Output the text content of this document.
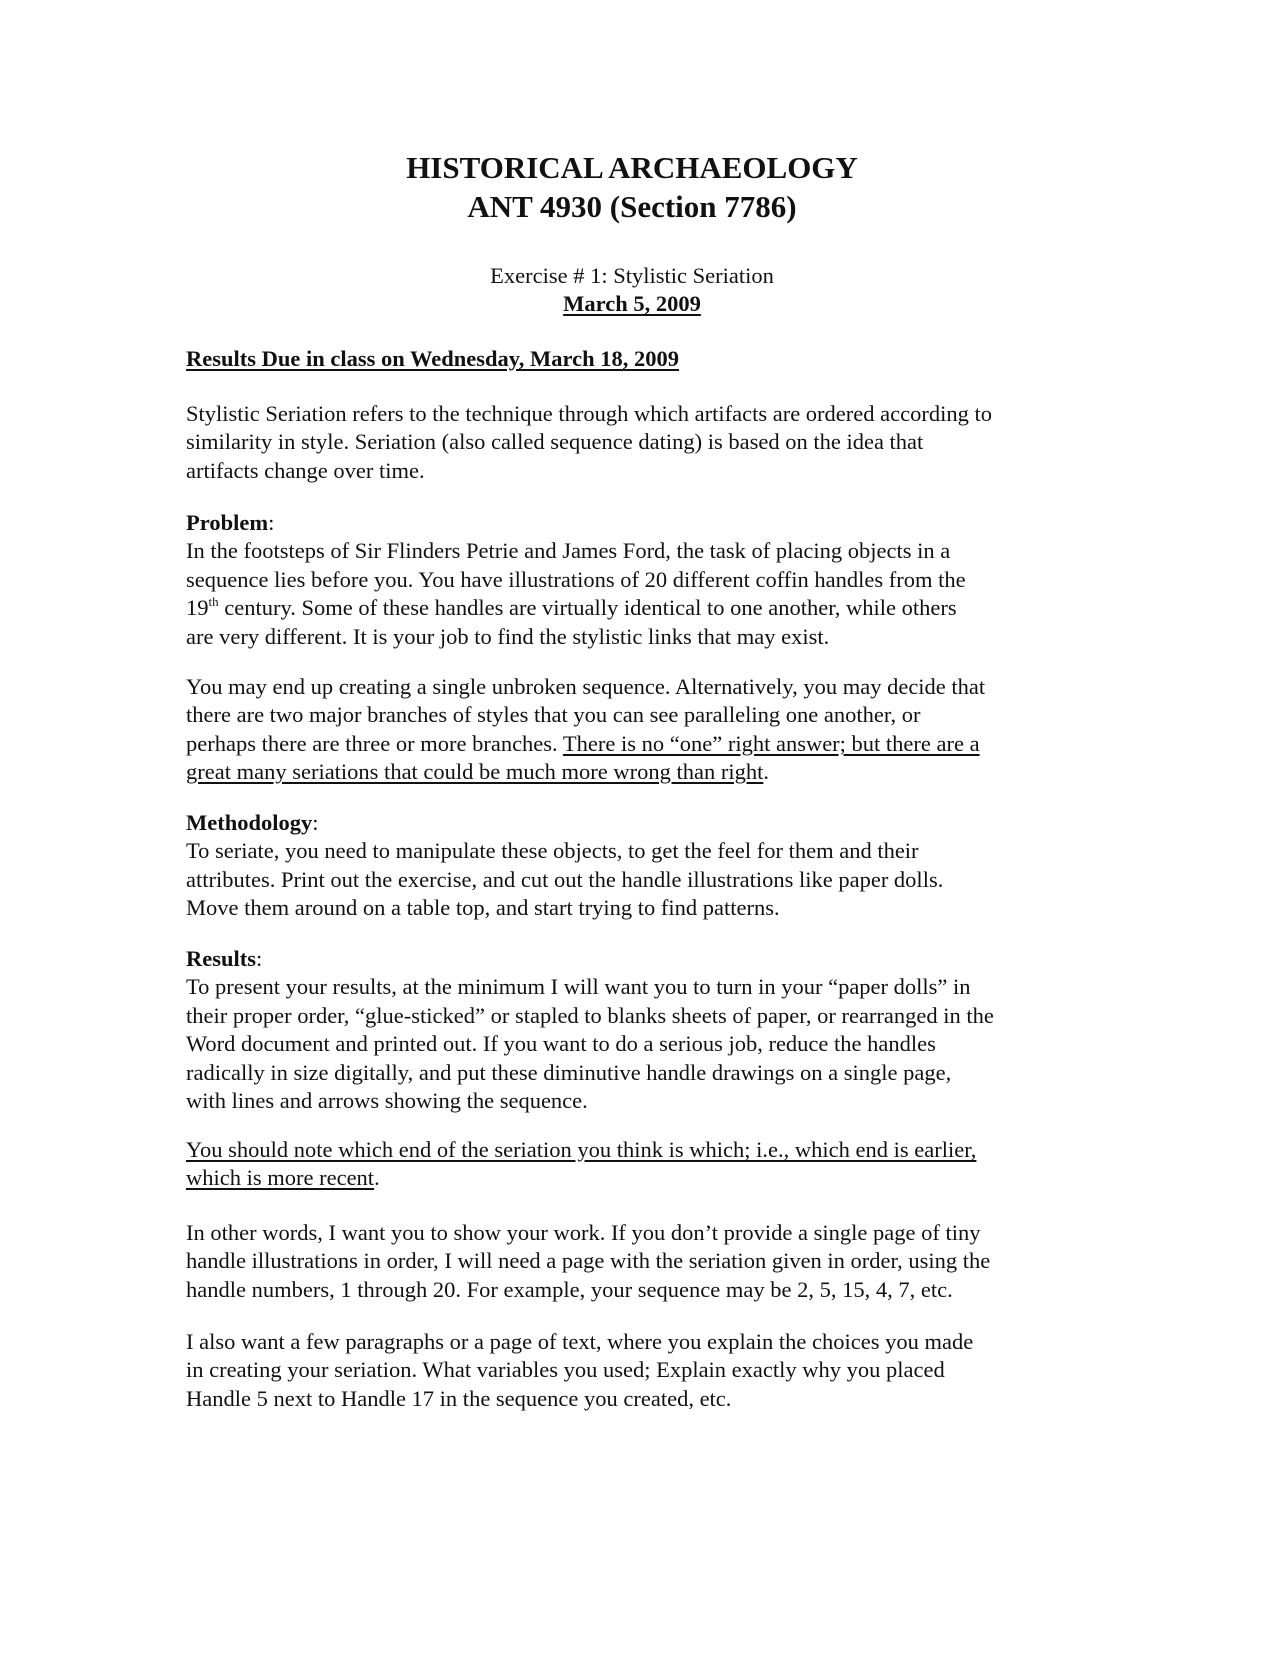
HISTORICAL ARCHAEOLOGY
ANT 4930 (Section 7786)
Exercise # 1: Stylistic Seriation
March 5, 2009
Results Due in class on Wednesday, March 18, 2009
Stylistic Seriation refers to the technique through which artifacts are ordered according to
similarity in style. Seriation (also called sequence dating) is based on the idea that
artifacts change over time.
Problem:
In the footsteps of Sir Flinders Petrie and James Ford, the task of placing objects in a
sequence lies before you. You have illustrations of 20 different coffin handles from the
19th century. Some of these handles are virtually identical to one another, while others
are very different. It is your job to find the stylistic links that may exist.
You may end up creating a single unbroken sequence. Alternatively, you may decide that
there are two major branches of styles that you can see paralleling one another, or
perhaps there are three or more branches. There is no “one” right answer; but there are a
great many seriations that could be much more wrong than right.
Methodology:
To seriate, you need to manipulate these objects, to get the feel for them and their
attributes. Print out the exercise, and cut out the handle illustrations like paper dolls.
Move them around on a table top, and start trying to find patterns.
Results:
To present your results, at the minimum I will want you to turn in your “paper dolls” in
their proper order, “glue-sticked” or stapled to blanks sheets of paper, or rearranged in the
Word document and printed out. If you want to do a serious job, reduce the handles
radically in size digitally, and put these diminutive handle drawings on a single page,
with lines and arrows showing the sequence.
You should note which end of the seriation you think is which; i.e., which end is earlier,
which is more recent.
In other words, I want you to show your work. If you don’t provide a single page of tiny
handle illustrations in order, I will need a page with the seriation given in order, using the
handle numbers, 1 through 20. For example, your sequence may be 2, 5, 15, 4, 7, etc.
I also want a few paragraphs or a page of text, where you explain the choices you made
in creating your seriation. What variables you used; Explain exactly why you placed
Handle 5 next to Handle 17 in the sequence you created, etc.
